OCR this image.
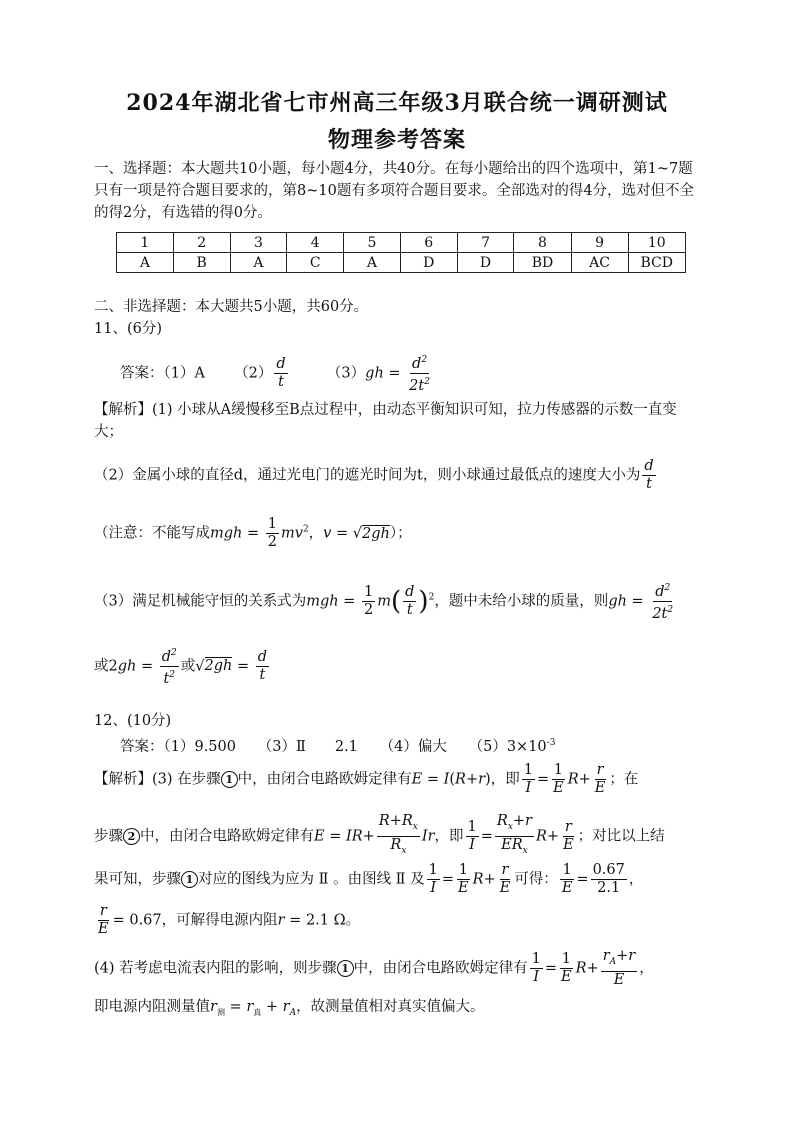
2024年湖北省七市州高三年级3月联合统一调研测试
物理参考答案
一、选择题：本大题共10小题，每小题4分，共40分。在每小题给出的四个选项中，第1~7题只有一项是符合题目要求的，第8~10题有多项符合题目要求。全部选对的得4分，选对但不全的得2分，有选错的得0分。
1	2	3	4	5	6	7	8	9	10
A	B	A	C	A	D	D	BD	AC	BCD
二、非选择题：本大题共5小题，共60分。
11、(6分)
答案：（1）A $(2) \frac{d}{t}$	$(3)gh = \frac{d^2}{2t^2}$
【解析】(1) 小球从A缓慢移至B点过程中，由动态平衡知识可知，拉力传感器的示数一直变大；
（2）金属小球的直径d，通过光电门的遮光时间为t，则小球通过最低点的速度大小为 $\frac{d}{t}$
（注意：不能写成mgh = $\frac{1}{2} mv^2$，v = √2gh）；
（3）满足机械能守恒的关系式为mgh = $\frac{1}{2} m( \frac{d}{t} )^2$，题中未给小球的质量，则gh = $\frac{d^2}{2t^2}$
或$2gh = \frac{d^2}{t^2}$ 或$√2gh = \frac{d}{t}$
12、(10分)
答案：（1）9.500　　（3）Ⅱ　　2.1　　（4）偏大　　$(5)3\times 10^{-3}$
【解析】(3) 在步骤 1 中，由闭合电路欧姆定律有E = I(R+r)，即 $\frac{1}{I} = \frac{1}{E} R+ \frac{r}{E}$ ；在
步骤 2 中，由闭合电路欧姆定律有$E = IR+ \frac{R+R_x}{R_x}$ Ir，即 $\frac{1}{I} = \frac{R_x+r}{ER_x} R+ \frac{r}{E}$ ；对比以上结
果可知，步骤 1 对应的图线为应为 Ⅱ 。由图线 Ⅱ 及 $\frac{1}{I} = \frac{1}{E} R+ \frac{r}{E}$ 可得： $\frac{1}{E} = \frac{0.67}{2.1}$ ，
$\frac{r}{E} = 0.67$，可解得电源内阻r = 2.1 Ω。
(4) 若考虑电流表内阻的影响，则步骤 1 中，由闭合电路欧姆定律有 $\frac{1}{I} = \frac{1}{E} R+ \frac{r_A+r}{E}$ ，
即电源内阻测量值$r_测 = r_真 + r_A$，故测量值相对真实值偏大。
